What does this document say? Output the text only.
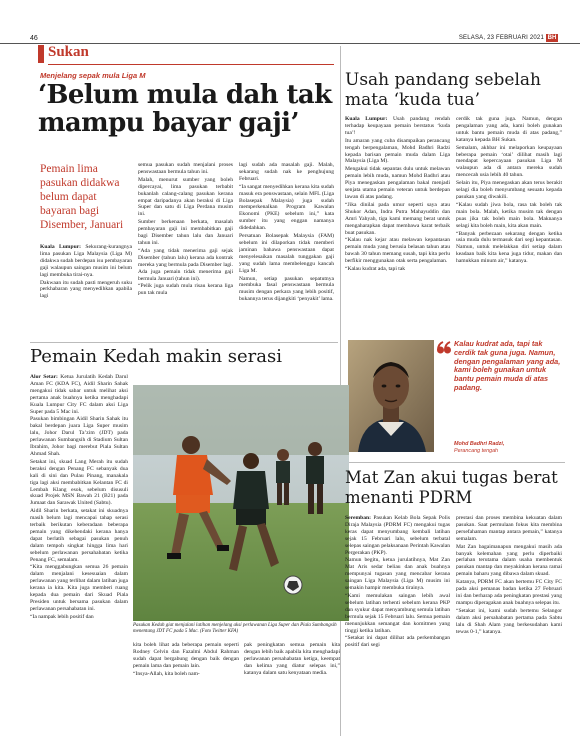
46	SELASA, 23 FEBRUARI 2021 BH
Sukan
Menjelang sepak mula Liga M
‘Belum mula dah tak mampu bayar gaji’
Pemain lima pasukan didakwa belum dapat bayaran bagi Disember, Januari

Kuala Lumpur: Sekurang-kurangnya lima pasukan Liga Malaysia (Liga M) didakwa sudah berdepan isu pembayaran gaji walaupun saingan musim ini belum lagi membuka tirai-nya.

Dakwaan itu sudah pasti mengeruh suku perkhabaran yang menyedihkan apabila lagi

semua pasukan sudah menjalani proses penswastaan bermula tahun ini.

Malah, menurut sumber yang boleh dipercayai, lima pasukan terbabit bukanlah calang-calang pasukan kerana empat daripadanya akan beraksi di Liga Super dan satu di Liga Perdana musim ini.

Sumber berkenaan berkata, masalah pembayaran gaji ini membabitkan gaji bagi Disember tahun lalu dan Januari tahun ini.

“Ada yang tidak menerima gaji sejak Disember (tahun lalu) kerana ada kontrak mereka yang bermula pada Disember lagi. Ada juga pemain tidak menerima gaji bermula Januari (tahun ini).

“Pelik juga sudah mula risau kerana liga pun tak mula

lagi sudah ada masalah gaji. Malah, sekarang sudah nak ke penghujung Februari.

“Ia sangat menyedihkan kerana kita sudah masuk era penswastaan, selain MFL (Liga Bolasepak Malaysia) juga sudah memperkenalkan Program Kawalan Ekonomi (PKE) sebelum ini,” kata sumber itu yang enggan namanya didedahkan.

Persatuan Bolasepak Malaysia (FAM) sebelum ini dilaporkan tidak memberi jaminan bahawa penswastaan dapat menyelesaikan masalah tunggakan gaji yang sudah lama membelenggu kancah Liga M.

Namun, setiap pasukan sepatutnya membuka fasal penswastaan bermula musim dengan perkara yang lebih positif, bukannya terus dijangkiti ‘penyakit’ lama.

Usah pandang sebelah mata ‘kuda tua’

Kuala Lumpur: Usah pandang rendah terhadap keupayaan pemain berstatus ‘kuda tua’!

Itu amaran yang cuba disampaikan perancang tengah berpengalaman, Mohd Badhri Radzi kepada barisan pemain muda dalam Liga Malaysia (Liga M).

Mengakui tidak sepantas dulu untuk melawan pemain lebih muda, namun Mohd Badhri atau Piya menegaskan pengalaman bakal menjadi senjata utama pemain veteran untuk berdepan lawan di atas padang.

“Jika dinilai pada umur seperti saya atau Shukor Adan, Indra Putra Mahayuddin dan Amri Yahyah, tiga kami memang berat untuk mengaharapkan dapat membawa karat terbaik buat pasukan.

“Kalau nak kejar atau melawan kepantasan pemain muda yang berusia belasan tahun atau bawah 30 tahun memang susah, tapi kita perlu berfikir menggunakan otak serta pengalaman.

“Kalau kudrat ada, tapi tak

cerdik tak guna juga. Namun, dengan pengalaman yang ada, kami boleh gunakan untuk bantu pemain muda di atas padang,” katanya kepada BH Sukan.

Semalam, akhbar ini melaporkan keupayaan beberapa pemain ‘otai’ dilihat masih lagi mendapat kepercayaan pasukan Liga M walaupun ada di antara mereka sudah mencecah usia lebih 40 tahun.

Selain itu, Piya menegaskan akan terus berakit selagi dia boleh menyumbang sesuatu kepada pasukan yang diwakili.

“Kalau sudah jiwa bola, rasa tak boleh tak main bola. Malah, ketika musim tak dengan puas jika tak boleh main bola. Maknanya selagi kita boleh main, kita akan main.

“Banyak perbezaan sekarang dengan ketika usia muda dulu termasuk dari segi kepantasan. Namun, untuk melelakkan diri setiap dalam keadaan baik kita kena juga tidur, makan dan hamukkan minum air,” katanya.

Kalau kudrat ada, tapi tak cerdik tak guna juga. Namun, dengan pengalaman yang ada, kami boleh gunakan untuk bantu pemain muda di atas padang.
Mohd Badhri Radzi,
Perancang tengah
Pemain Kedah makin serasi

Alor Setar: Ketua Jurulatih Kedah Darul Aman FC (KDA FC), Aidil Sharin Sahak mengakui tidak sabar untuk melihat aksi pertama anak buahnya ketika menghadapi Kuala Lumpur City FC dalam aksi Liga Super pada 5 Mac ini.

Pasukan bimbingan Aidil Sharin Sahak itu bakal berdepan juara Liga Super musim lalu, Johor Darul Ta’zim (JDT) pada perlawanan Sumbangsih di Stadium Sultan Ibrahim, Johor bagi merebut Piala Sultan Ahmad Shah.

Setakat ini, skuad Lang Merah itu sudah beraksi dengan Penang FC sebanyak dua kali di sini dan Pulau Pinang, manakala tiga lagi aksi membabitkan Kelantan FC di Lembah Klang esok, sebelum disusuli skuad Projek MSN Bawah 21 (B21) pada Jumaat dan Sarawak United (Sabtu).

Aidil Sharin berkata, setakat ini skuadnya masih belum lagi mencapai tahap serasi terbaik berikutan keberadaan beberapa pemain yang dikehendaki kerana hanya dapat berlatih sebagai pasukan penuh dalam tempoh singkat hingga lima hari sebelum perlawanan persahabatan ketika Penang FC, semalam.

“Kita menggabungkan semua 26 pemain dalam menjalani kesesuaian dalam perlawanan yang terlibat dalam latihan juga kerana ia kita. Kita juga memberi ruang kepada dua pemain dari Skuad Piala Presiden untuk bersama pasukan dalam perlawanan persahabatan ini.

“Ia nampak lebih positif dan

Pasukan Kedah giat menjalani latihan menjelang aksi perlawanan Liga Super dan Piala Sumbangsih menentang JDT FC pada 5 Mac. (Foto Twitter KFA)

kita boleh lihat ada beberapa pemain seperti Rodney Celvin dan Fazalmi Abdul Rahman sudah dapat bergabung dengan baik dengan pemain lama dan pemain lain.

“Insya-Allah, kita boleh nam-

pak peningkatan semua pemain kita dengan lebih baik apabila kita menghadapi perlawanan persahabatan ketiga, keempat dan kelima yang diatur selepas ini,” katanya dalam satu kenyataan media.

Mat Zan akui tugas berat menanti PDRM

Seremban: Pasukan Kelab Bola Sepak Polis Diraja Malaysia (PDRM FC) mengakui tugas keras dapat menyumbang kembali latihan sejak 15 Februari lalu, sebelum terbatal selepas saingan pelaksanaan Perintah Kawalan Pergerakan (PKP).

Namun begitu, ketua jurulatihnya, Mat Zan Mat Aris sedar beliau dan anak buahnya mempunyai tugasan yang mencabar kerana saingan Liga Malaysia (Liga M) musim ini semakin hampir membuka tirainya.

“Kami memulakan saingan lebih awal sebelum latihan terhenti sebelum kerana PKP dan syukur dapat menyambung semula latihan bermula sejak 15 Februari lalu. Semua pemain menunjukkan semangat dan komitmen yang tinggi ketika latihan.

“Setakat ini dapat dilihat ada perkembangan positif dari segi

prestasi dan proses membina kekuatan dalam pasukan. Saat permulaan fokus kita membina persefahaman mantap antara pemain,” katanya semalam.

Mat Zan bagaimanapun mengakui masih ada banyak kelemahan yang perlu diperbaiki perlahan terutama dalam usaha membentuk pasukan mantap dan meyakinkan kerana ramai pemain baharu yang dibawa dalam skuad.

Katanya, PDRM FC akan bertemu FC City FC pada aksi pemanas badan ketika 27 Februari ini dan berharap ada peningkatan prestasi yang mampu diperagakan anak buahnya selepas itu.

“Setakat ini, kami sudah bertemu Selangor dalam aksi persahabatan pertama pada Sabtu lalu di Shah Alam yang berkesudahan kami tewas 0-1,” katanya.
